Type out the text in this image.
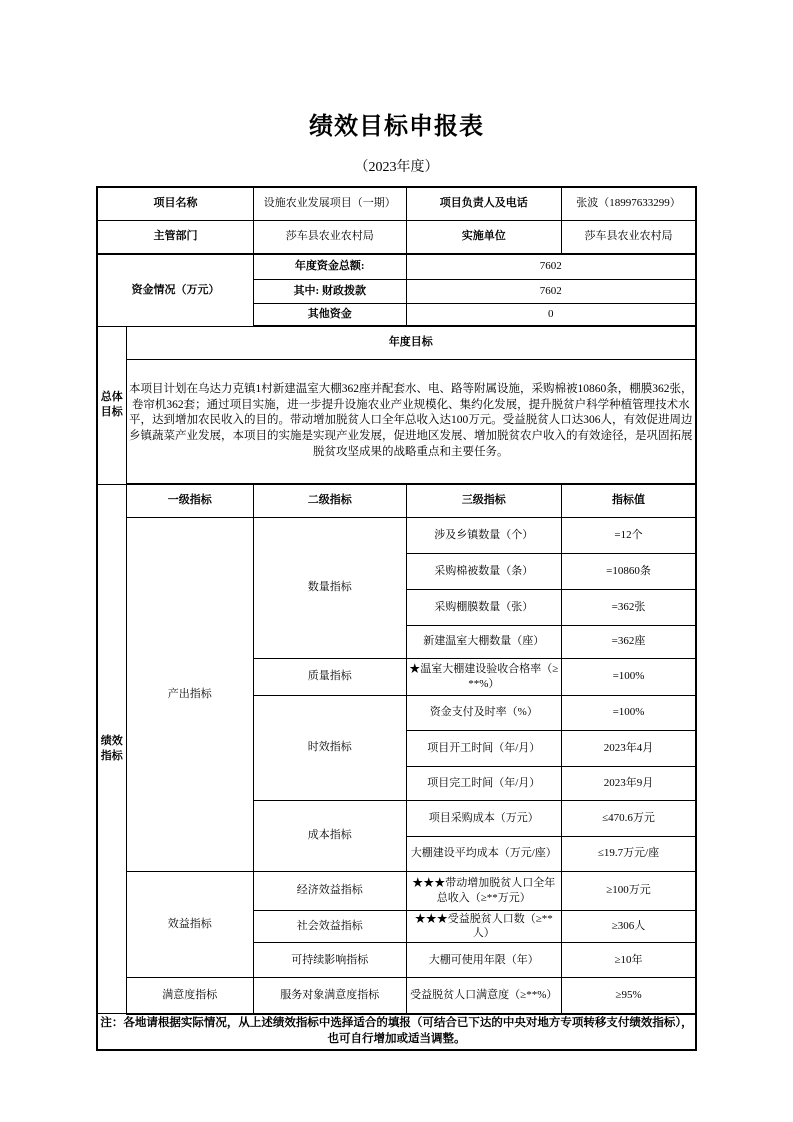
绩效目标申报表
（2023年度）
项目名称		设施农业发展项目（一期）	项目负责人及电话	张波（18997633299）
主管部门		莎车县农业农村局	实施单位	莎车县农业农村局
资金情况（万元）		年度资金总额:	7602	
		其中: 财政拨款	7602	
		其他资金	0	
总体目标	年度目标			
	本项目计划在乌达力克镇1村新建温室大棚362座并配套水、电、路等附属设施，采购棉被10860条，棚膜362张，卷帘机362套；通过项目实施，进一步提升设施农业产业规模化、集约化发展，提升脱贫户科学种植管理技术水平，达到增加农民收入的目的。带动增加脱贫人口全年总收入达100万元。受益脱贫人口达306人，有效促进周边乡镇蔬菜产业发展，本项目的实施是实现产业发展，促进地区发展、增加脱贫农户收入的有效途径，是巩固拓展脱贫攻坚成果的战略重点和主要任务。			
绩效指标	一级指标	二级指标	三级指标	指标值
	产出指标	数量指标	涉及乡镇数量（个）	=12个
			采购棉被数量（条）	=10860条
			采购棚膜数量（张）	=362张
			新建温室大棚数量（座）	=362座
		质量指标	★温室大棚建设验收合格率（≥**%）	=100%
		时效指标	资金支付及时率（%）	=100%
			项目开工时间（年/月）	2023年4月
			项目完工时间（年/月）	2023年9月
		成本指标	项目采购成本（万元）	≤470.6万元
			大棚建设平均成本（万元/座）	≤19.7万元/座
	效益指标	经济效益指标	★★★带动增加脱贫人口全年总收入（≥**万元）	≥100万元
		社会效益指标	★★★受益脱贫人口数（≥**人）	≥306人
		可持续影响指标	大棚可使用年限（年）	≥10年
	满意度指标	服务对象满意度指标	受益脱贫人口满意度（≥**%）	≥95%
注：各地请根据实际情况，从上述绩效指标中选择适合的填报（可结合已下达的中央对地方专项转移支付绩效指标），也可自行增加或适当调整。				
